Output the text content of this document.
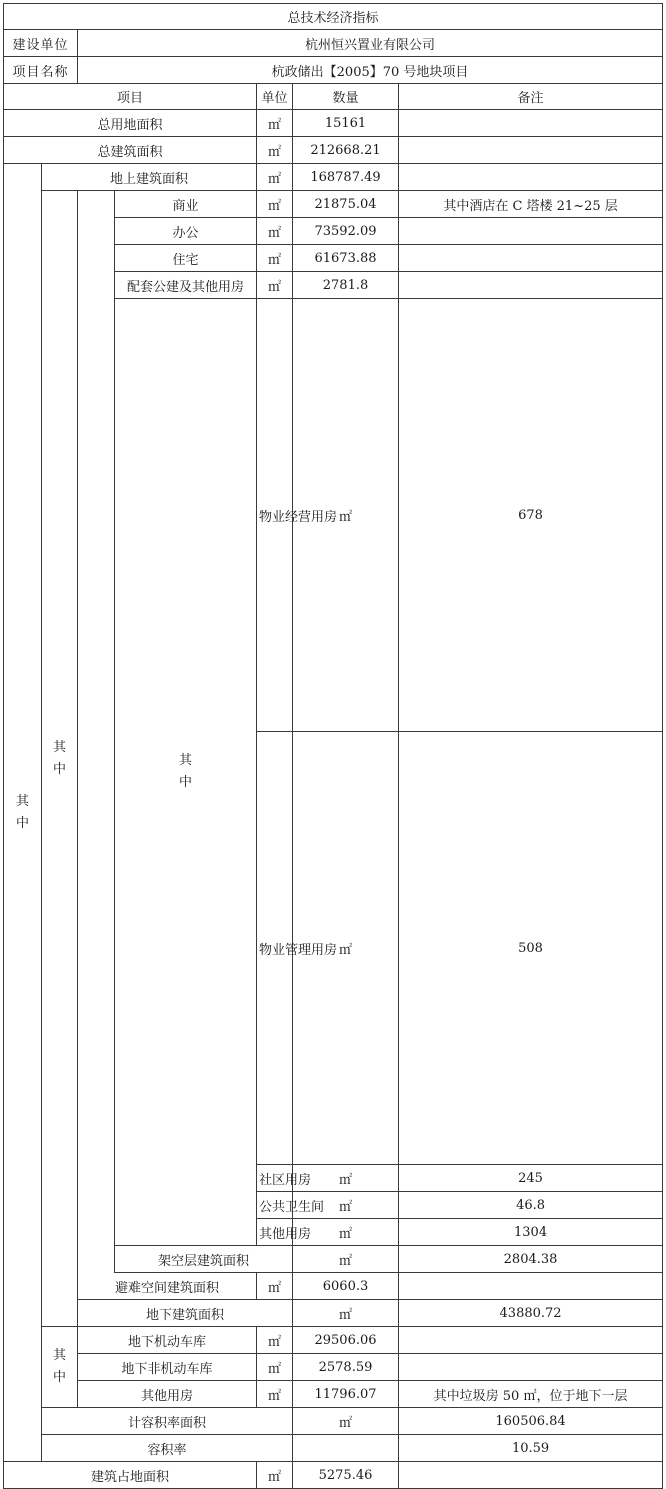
总技术经济指标							
建设单位		杭州恒兴置业有限公司					
项目名称		杭政储出【2005】70 号地块项目					
项目				单位	数量	备注	
总用地面积				㎡	15161		
总建筑面积				㎡	212668.21		

其
中	地上建筑面积			㎡	168787.49		

	其
中		商业	㎡	21875.04	其中酒店在 C 塔楼 21~25 层	
			办公	㎡	73592.09		
			住宅	㎡	61673.88		
			配套公建及其他用房	㎡	2781.8		

			其
中	物业经营用房	㎡	678	
				物业管理用房	㎡	508	
				社区用房	㎡	245	
				公共卫生间	㎡	46.8	
				其他用房	㎡	1304	
			架空层建筑面积		㎡	2804.38	
		避难空间建筑面积		㎡	6060.3		
		地下建筑面积			㎡	43880.72	

	其
中	地下机动车库		㎡	29506.06		
		地下非机动车库		㎡	2578.59		
		其他用房		㎡	11796.07	其中垃圾房 50 ㎡，位于地下一层	
	计容积率面积				㎡	160506.84	
	容积率					10.59	
建筑占地面积				㎡	5275.46		
